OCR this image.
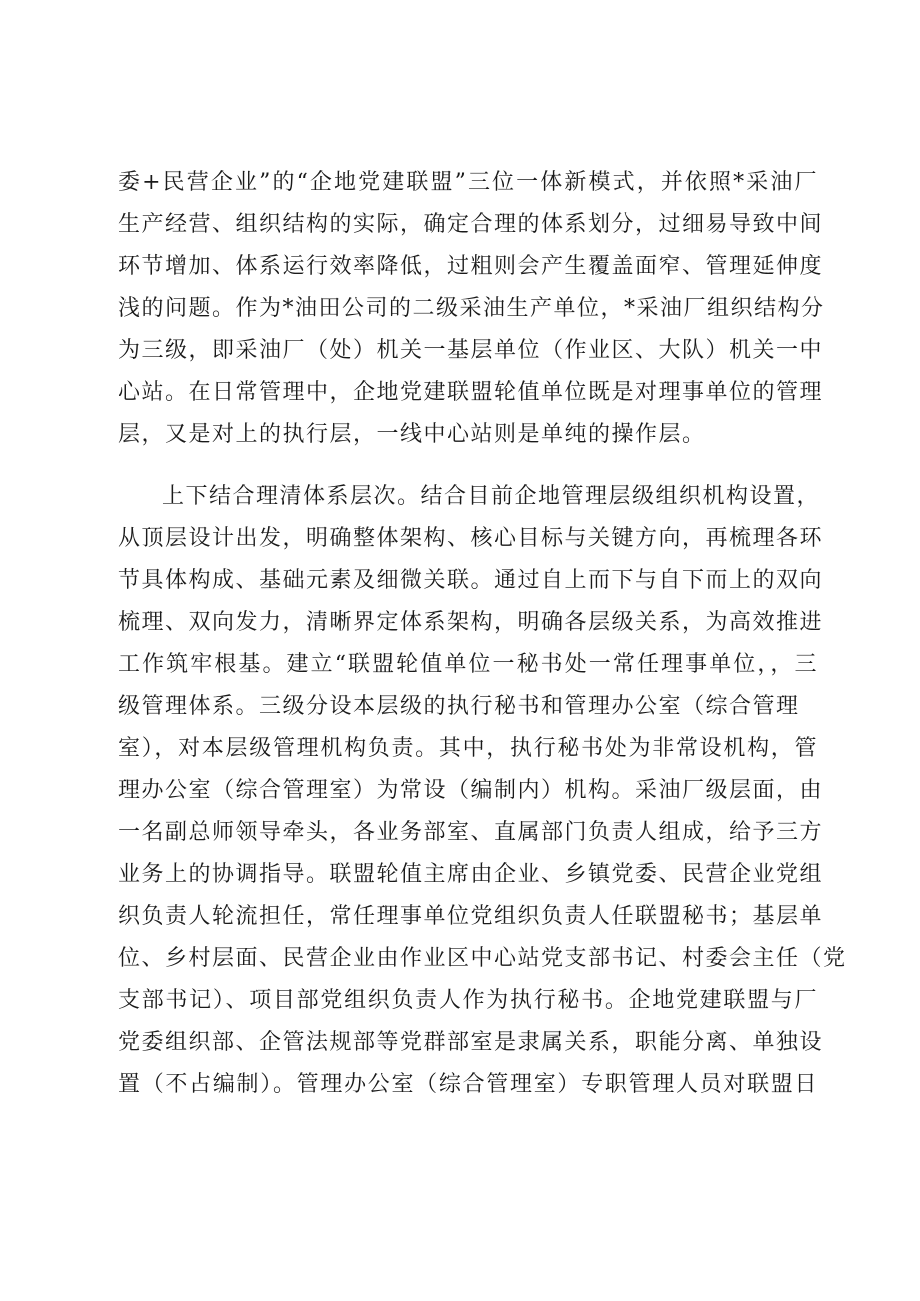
委+民营企业”的“企地党建联盟”三位一体新模式，并依照*采油厂
生产经营、组织结构的实际，确定合理的体系划分，过细易导致中间
环节增加、体系运行效率降低，过粗则会产生覆盖面窄、管理延伸度
浅的问题。作为*油田公司的二级采油生产单位，*采油厂组织结构分
为三级，即采油厂（处）机关一基层单位（作业区、大队）机关一中
心站。在日常管理中，企地党建联盟轮值单位既是对理事单位的管理
层，又是对上的执行层，一线中心站则是单纯的操作层。
上下结合理清体系层次。结合目前企地管理层级组织机构设置，
从顶层设计出发，明确整体架构、核心目标与关键方向，再梳理各环
节具体构成、基础元素及细微关联。通过自上而下与自下而上的双向
梳理、双向发力，清晰界定体系架构，明确各层级关系，为高效推进
工作筑牢根基。建立“联盟轮值单位一秘书处一常任理事单位，，三
级管理体系。三级分设本层级的执行秘书和管理办公室（综合管理
室），对本层级管理机构负责。其中，执行秘书处为非常设机构，管
理办公室（综合管理室）为常设（编制内）机构。采油厂级层面，由
一名副总师领导牵头，各业务部室、直属部门负责人组成，给予三方
业务上的协调指导。联盟轮值主席由企业、乡镇党委、民营企业党组
织负责人轮流担任，常任理事单位党组织负责人任联盟秘书；基层单
位、乡村层面、民营企业由作业区中心站党支部书记、村委会主任（党
支部书记）、项目部党组织负责人作为执行秘书。企地党建联盟与厂
党委组织部、企管法规部等党群部室是隶属关系，职能分离、单独设
置（不占编制）。管理办公室（综合管理室）专职管理人员对联盟日
